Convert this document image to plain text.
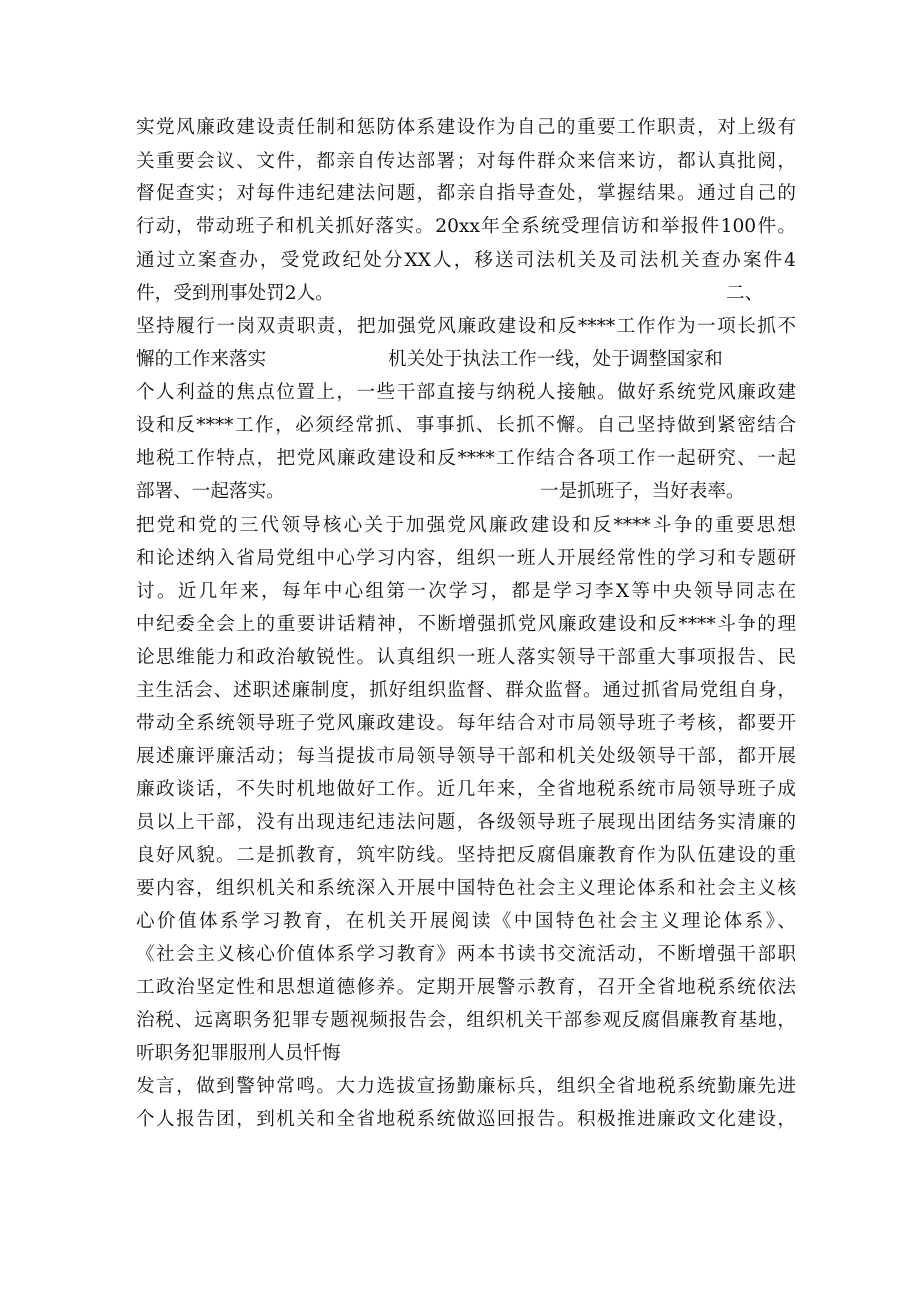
实党风廉政建设责任制和惩防体系建设作为自己的重要工作职责，对上级有
关重要会议、文件，都亲自传达部署；对每件群众来信来访，都认真批阅，
督促查实；对每件违纪建法问题，都亲自指导查处，掌握结果。通过自己的
行动，带动班子和机关抓好落实。20xx年全系统受理信访和举报件100件。
通过立案查办，受党政纪处分XX人，移送司法机关及司法机关查办案件4
件，受到刑事处罚2人。	二、
坚持履行一岗双责职责，把加强党风廉政建设和反****工作作为一项长抓不
懈的工作来落实	机关处于执法工作一线，处于调整国家和
个人利益的焦点位置上，一些干部直接与纳税人接触。做好系统党风廉政建
设和反****工作，必须经常抓、事事抓、长抓不懈。自己坚持做到紧密结合
地税工作特点，把党风廉政建设和反****工作结合各项工作一起研究、一起
部署、一起落实。	一是抓班子，当好表率。
把党和党的三代领导核心关于加强党风廉政建设和反****斗争的重要思想
和论述纳入省局党组中心学习内容，组织一班人开展经常性的学习和专题研
讨。近几年来，每年中心组第一次学习，都是学习李X等中央领导同志在
中纪委全会上的重要讲话精神，不断增强抓党风廉政建设和反****斗争的理
论思维能力和政治敏锐性。认真组织一班人落实领导干部重大事项报告、民
主生活会、述职述廉制度，抓好组织监督、群众监督。通过抓省局党组自身，
带动全系统领导班子党风廉政建设。每年结合对市局领导班子考核，都要开
展述廉评廉活动；每当提拔市局领导领导干部和机关处级领导干部，都开展
廉政谈话，不失时机地做好工作。近几年来，全省地税系统市局领导班子成
员以上干部，没有出现违纪违法问题，各级领导班子展现出团结务实清廉的
良好风貌。二是抓教育，筑牢防线。坚持把反腐倡廉教育作为队伍建设的重
要内容，组织机关和系统深入开展中国特色社会主义理论体系和社会主义核
心价值体系学习教育，在机关开展阅读《中国特色社会主义理论体系》、
《社会主义核心价值体系学习教育》两本书读书交流活动，不断增强干部职
工政治坚定性和思想道德修养。定期开展警示教育，召开全省地税系统依法
治税、远离职务犯罪专题视频报告会，组织机关干部参观反腐倡廉教育基地，
听职务犯罪服刑人员忏悔
发言，做到警钟常鸣。大力选拔宣扬勤廉标兵，组织全省地税系统勤廉先进
个人报告团，到机关和全省地税系统做巡回报告。积极推进廉政文化建设，
